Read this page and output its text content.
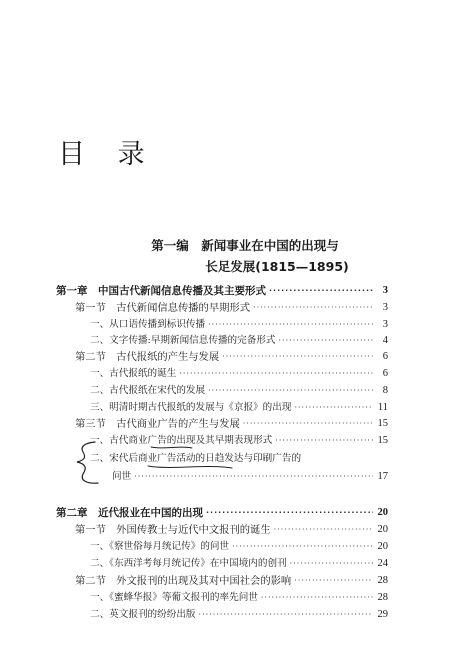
目 录
第一编　新闻事业在中国的出现与
长足发展(1815—1895)
第一章　中国古代新闻信息传播及其主要形式 ·····	3
第一节　古代新闻信息传播的早期形式 ·····	3
一、从口语传播到标识传播 ·····	3
二、文字传播:早期新闻信息传播的完备形式 ·····	4
第二节　古代报纸的产生与发展 ·····	6
一、古代报纸的诞生 ·····	6
二、古代报纸在宋代的发展 ·····	8
三、明清时期古代报纸的发展与《京报》的出现 ·····	11
第三节　古代商业广告的产生与发展 ·····	15
一、古代商业广告的出现及其早期表现形式 ·····	15
二、宋代后商业广告活动的日趋发达与印刷广告的
问世 ·····	17
第二章　近代报业在中国的出现 ·····	20
第一节　外国传教士与近代中文报刊的诞生 ·····	20
一、《察世俗每月统记传》的问世 ·····	20
二、《东西洋考每月统记传》在中国境内的创刊 ·····	24
第二节　外文报刊的出现及其对中国社会的影响 ·····	28
一、《蜜蜂华报》等葡文报刊的率先问世 ·····	28
二、英文报刊的纷纷出版 ·····	29
